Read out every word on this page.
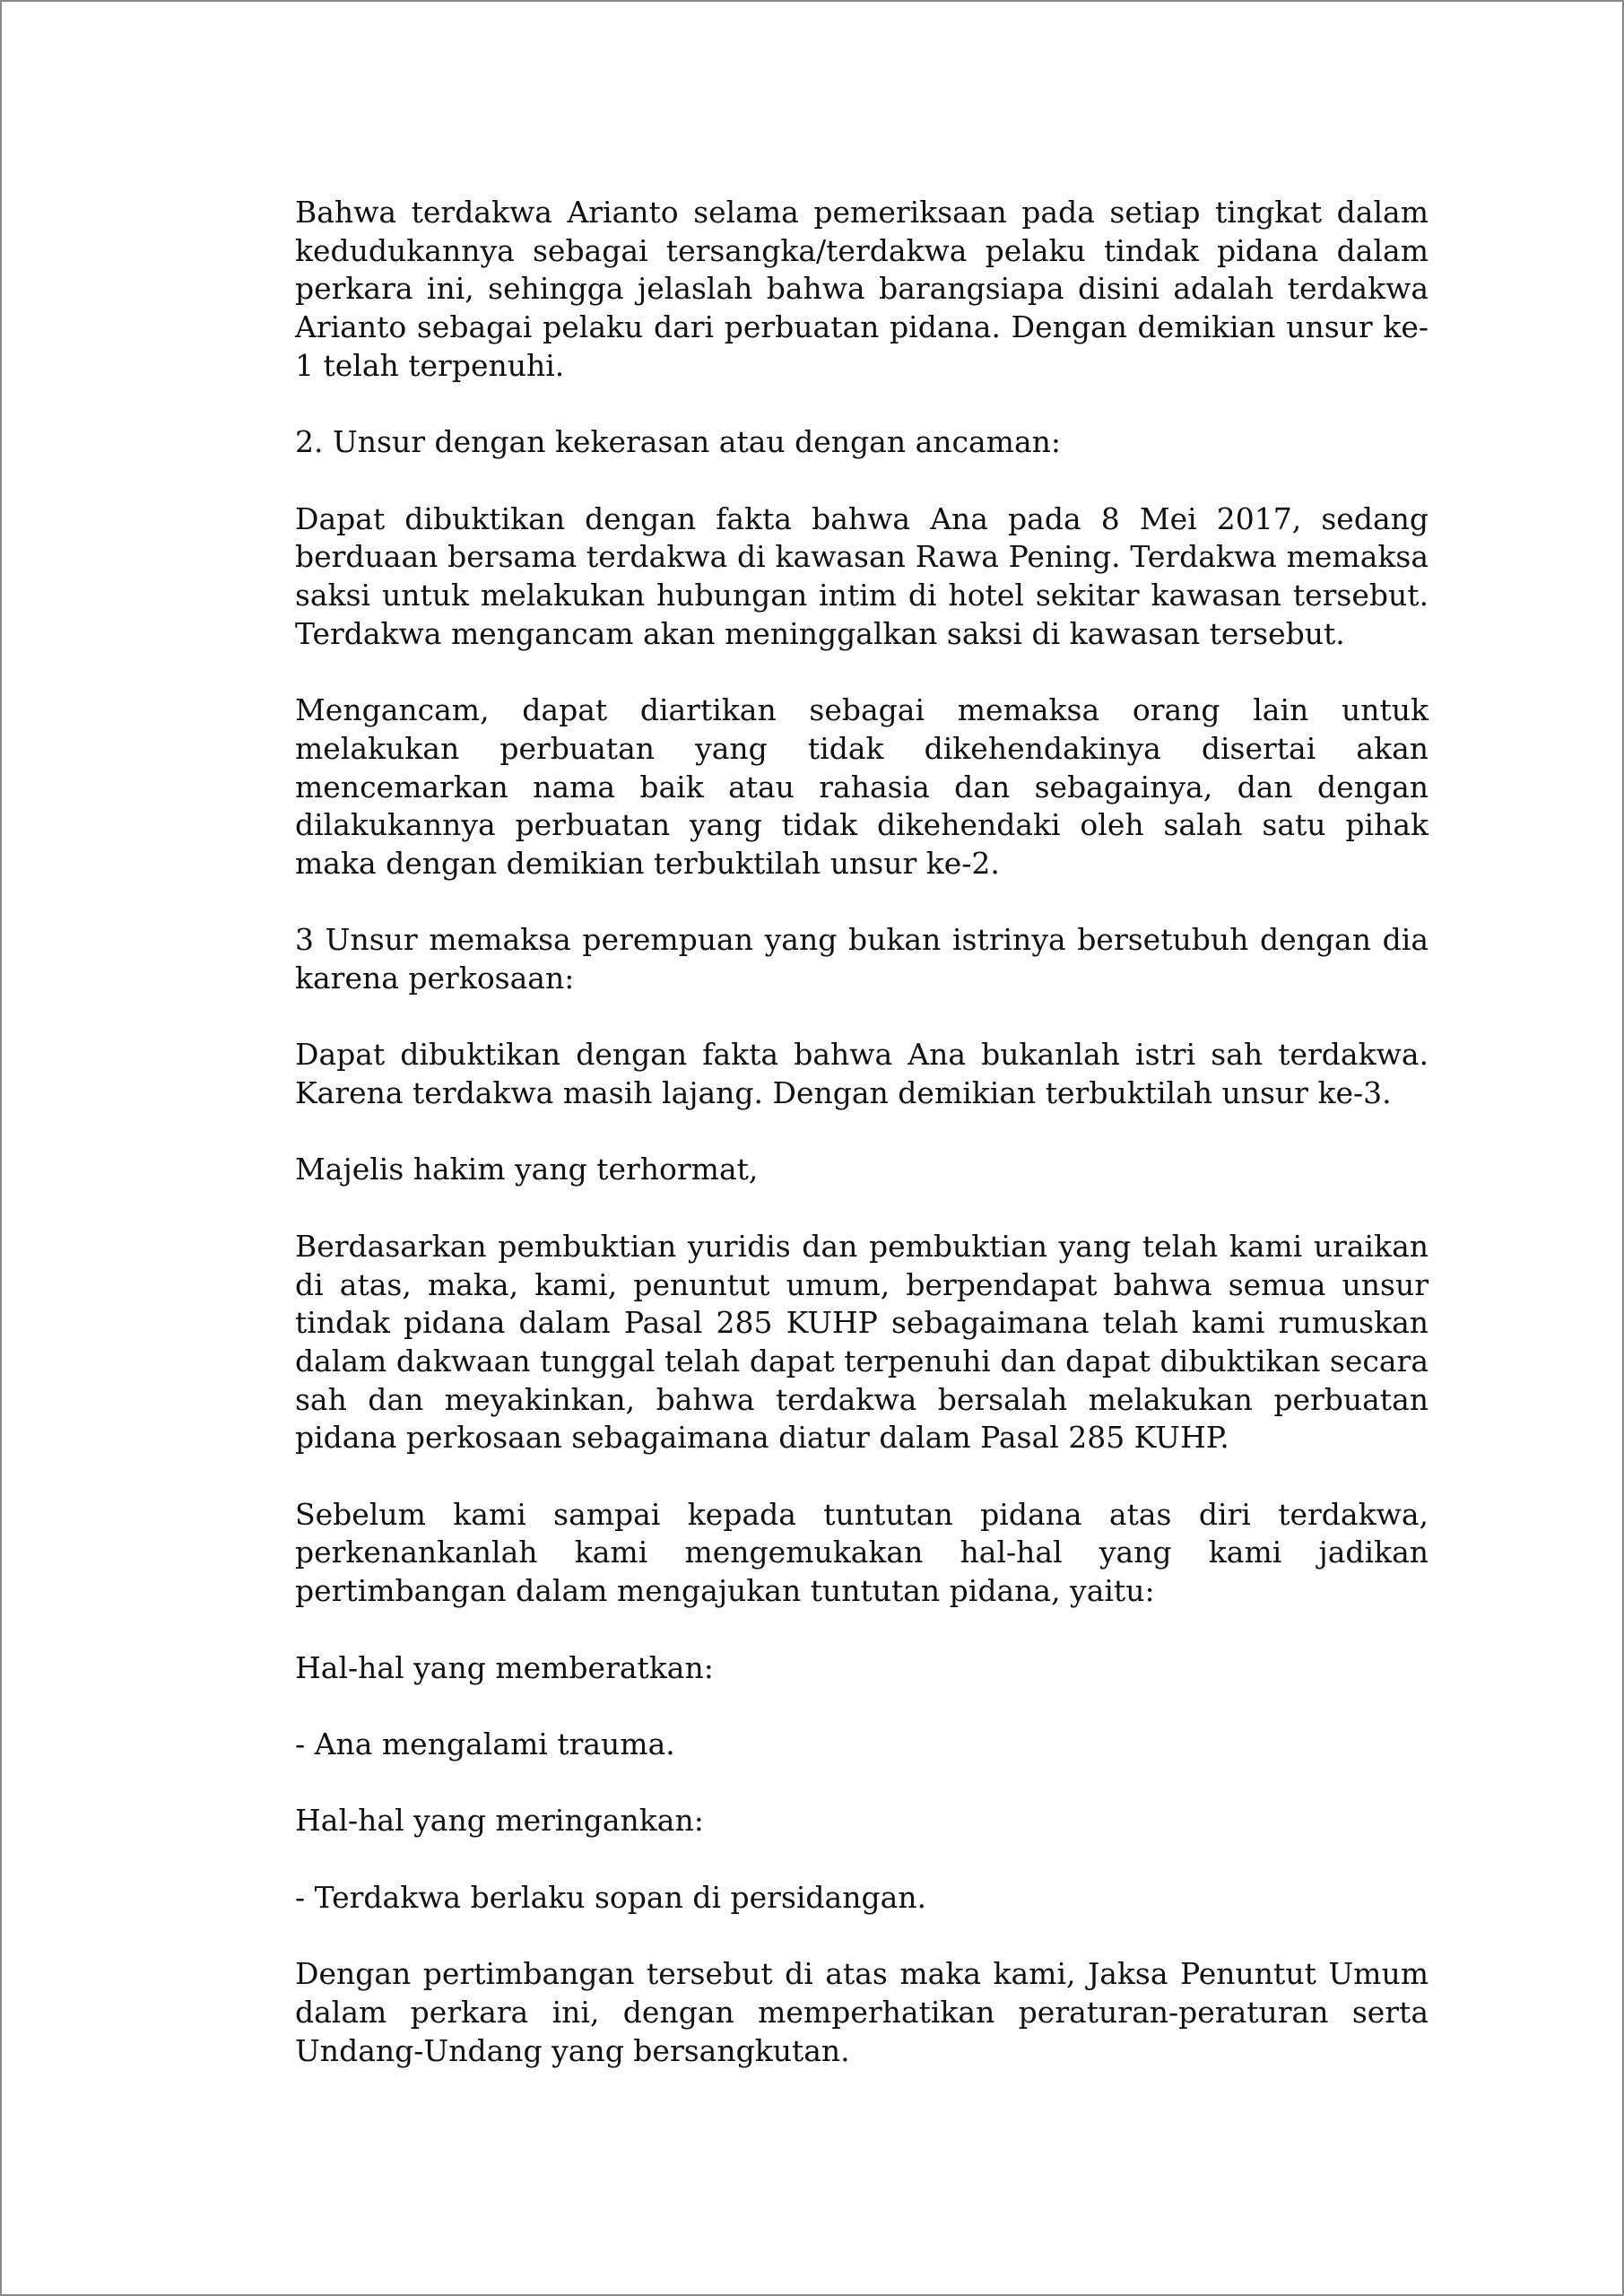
Bahwa terdakwa Arianto selama pemeriksaan pada setiap tingkat dalam kedudukannya sebagai tersangka/terdakwa pelaku tindak pidana dalam perkara ini, sehingga jelaslah bahwa barangsiapa disini adalah terdakwa Arianto sebagai pelaku dari perbuatan pidana. Dengan demikian unsur ke-1 telah terpenuhi.

2. Unsur dengan kekerasan atau dengan ancaman:

Dapat dibuktikan dengan fakta bahwa Ana pada 8 Mei 2017, sedang berduaan bersama terdakwa di kawasan Rawa Pening. Terdakwa memaksa saksi untuk melakukan hubungan intim di hotel sekitar kawasan tersebut. Terdakwa mengancam akan meninggalkan saksi di kawasan tersebut.

Mengancam, dapat diartikan sebagai memaksa orang lain untuk melakukan perbuatan yang tidak dikehendakinya disertai akan mencemarkan nama baik atau rahasia dan sebagainya, dan dengan dilakukannya perbuatan yang tidak dikehendaki oleh salah satu pihak maka dengan demikian terbuktilah unsur ke-2.

3 Unsur memaksa perempuan yang bukan istrinya bersetubuh dengan dia karena perkosaan:

Dapat dibuktikan dengan fakta bahwa Ana bukanlah istri sah terdakwa. Karena terdakwa masih lajang. Dengan demikian terbuktilah unsur ke-3.

Majelis hakim yang terhormat,

Berdasarkan pembuktian yuridis dan pembuktian yang telah kami uraikan di atas, maka, kami, penuntut umum, berpendapat bahwa semua unsur tindak pidana dalam Pasal 285 KUHP sebagaimana telah kami rumuskan dalam dakwaan tunggal telah dapat terpenuhi dan dapat dibuktikan secara sah dan meyakinkan, bahwa terdakwa bersalah melakukan perbuatan pidana perkosaan sebagaimana diatur dalam Pasal 285 KUHP.

Sebelum kami sampai kepada tuntutan pidana atas diri terdakwa, perkenankanlah kami mengemukakan hal-hal yang kami jadikan pertimbangan dalam mengajukan tuntutan pidana, yaitu:

Hal-hal yang memberatkan:

- Ana mengalami trauma.

Hal-hal yang meringankan:

- Terdakwa berlaku sopan di persidangan.

Dengan pertimbangan tersebut di atas maka kami, Jaksa Penuntut Umum dalam perkara ini, dengan memperhatikan peraturan-peraturan serta Undang-Undang yang bersangkutan.
